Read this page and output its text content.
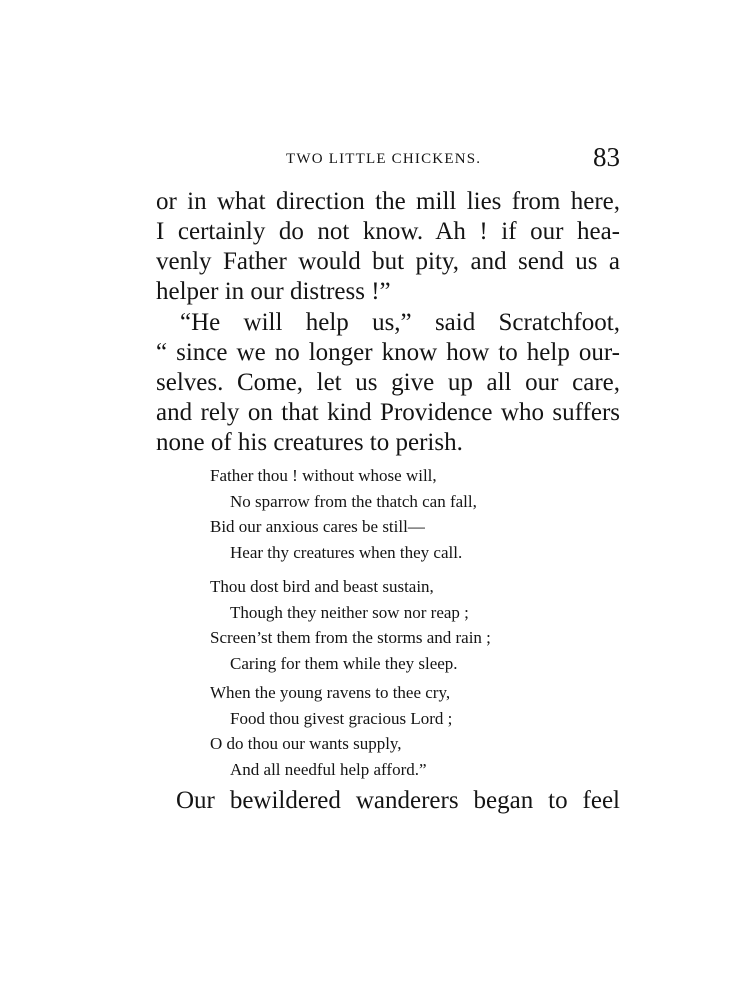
TWO LITTLE CHICKENS.	83
or in what direction the mill lies from here,
I certainly do not know. Ah ! if our hea-
venly Father would but pity, and send us a
helper in our distress !”
“He will help us,” said Scratchfoot,
“ since we no longer know how to help our-
selves. Come, let us give up all our care,
and rely on that kind Providence who suffers
none of his creatures to perish.
Father thou ! without whose will,
No sparrow from the thatch can fall,
Bid our anxious cares be still—
Hear thy creatures when they call.
Thou dost bird and beast sustain,
Though they neither sow nor reap ;
Screen’st them from the storms and rain ;
Caring for them while they sleep.
When the young ravens to thee cry,
Food thou givest gracious Lord ;
O do thou our wants supply,
And all needful help afford.”
Our bewildered wanderers began to feel
